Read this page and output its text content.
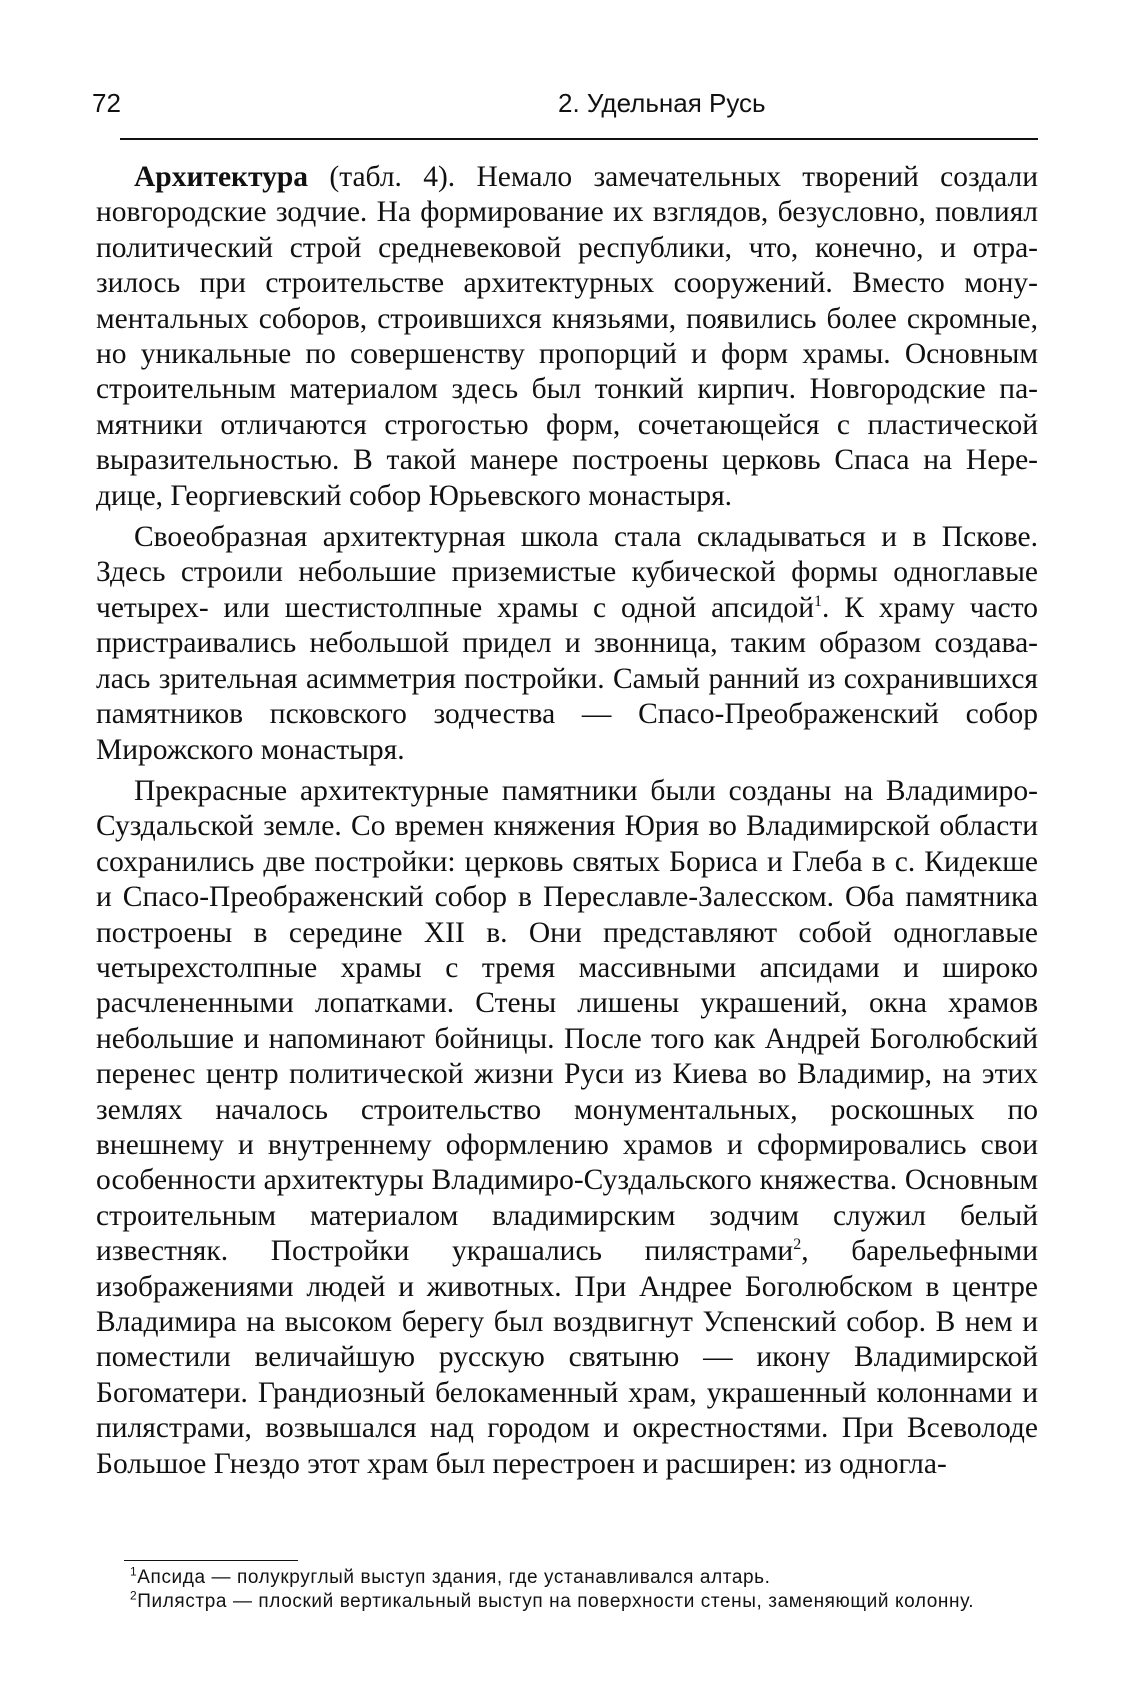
72	2. Удельная Русь

Архитектура (табл. 4). Немало замечательных творений создали новгородские зодчие. На формирование их взглядов, безусловно, повлиял политический строй средневековой республики, что, конечно, и отразилось при строительстве архитектурных сооружений. Вместо монументальных соборов, строившихся князьями, появились более скромные, но уникальные по совершенству пропорций и форм храмы. Основным строительным материалом здесь был тонкий кирпич. Новгородские памятники отличаются строгостью форм, сочетающейся с пластической выразительностью. В такой манере построены церковь Спаса на Нередице, Георгиевский собор Юрьевского монастыря.

Своеобразная архитектурная школа стала складываться и в Пскове. Здесь строили небольшие приземистые кубической формы одноглавые четырех- или шестистолпные храмы с одной апсидой$^1$. К храму часто пристраивались небольшой придел и звонница, таким образом создавалась зрительная асимметрия постройки. Самый ранний из сохранившихся памятников псковского зодчества — Спасо-Преображенский собор Мирожского монастыря.

Прекрасные архитектурные памятники были созданы на Владимиро-Суздальской земле. Со времен княжения Юрия во Владимирской области сохранились две постройки: церковь святых Бориса и Глеба в с. Кидекше и Спасо-Преображенский собор в Переславле-Залесском. Оба памятника построены в середине XII в. Они представляют собой одноглавые четырехстолпные храмы с тремя массивными апсидами и широко расчлененными лопатками. Стены лишены украшений, окна храмов небольшие и напоминают бойницы. После того как Андрей Боголюбский перенес центр политической жизни Руси из Киева во Владимир, на этих землях началось строительство монументальных, роскошных по внешнему и внутреннему оформлению храмов и сформировались свои особенности архитектуры Владимиро-Суздальского княжества. Основным строительным материалом владимирским зодчим служил белый известняк. Постройки украшались пилястрами$^2$, барельефными изображениями людей и животных. При Андрее Боголюбском в центре Владимира на высоком берегу был воздвигнут Успенский собор. В нем и поместили величайшую русскую святыню — икону Владимирской Богоматери. Грандиозный белокаменный храм, украшенный колоннами и пилястрами, возвышался над городом и окрестностями. При Всеволоде Большое Гнездо этот храм был перестроен и расширен: из одногла-

$^1$Апсида — полукруглый выступ здания, где устанавливался алтарь.

$^2$Пилястра — плоский вертикальный выступ на поверхности стены, заменяющий колонну.
